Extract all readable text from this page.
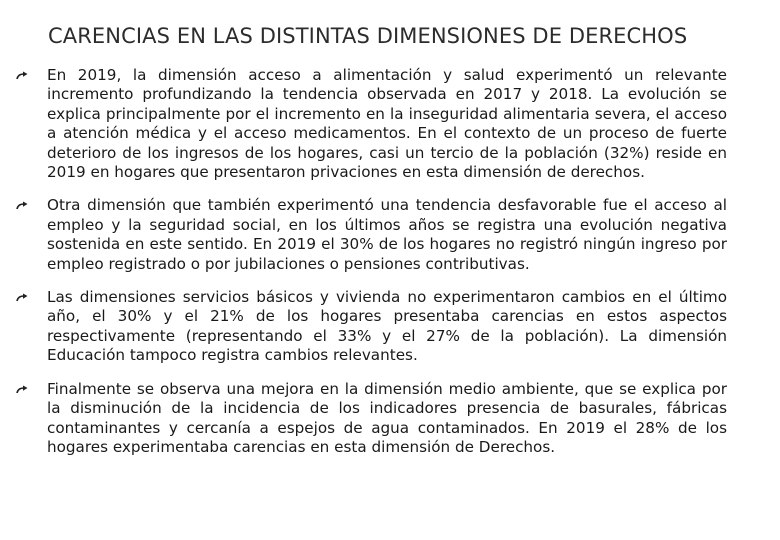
CARENCIAS EN LAS DISTINTAS DIMENSIONES DE DERECHOS
En 2019, la dimensión acceso a alimentación y salud experimentó un relevante incremento profundizando la tendencia observada en 2017 y 2018. La evolución se explica principalmente por el incremento en la inseguridad alimentaria severa, el acceso a atención médica y el acceso medicamentos. En el contexto de un proceso de fuerte deterioro de los ingresos de los hogares, casi un tercio de la población (32%) reside en 2019 en hogares que presentaron privaciones en esta dimensión de derechos.
Otra dimensión que también experimentó una tendencia desfavorable fue el acceso al empleo y la seguridad social, en los últimos años se registra una evolución negativa sostenida en este sentido. En 2019 el 30% de los hogares no registró ningún ingreso por empleo registrado o por jubilaciones o pensiones contributivas.
Las dimensiones servicios básicos y vivienda no experimentaron cambios en el último año, el 30% y el 21% de los hogares presentaba carencias en estos aspectos respectivamente (representando el 33% y el 27% de la población). La dimensión Educación tampoco registra cambios relevantes.
Finalmente se observa una mejora en la dimensión medio ambiente, que se explica por la disminución de la incidencia de los indicadores presencia de basurales, fábricas contaminantes y cercanía a espejos de agua contaminados. En 2019 el 28% de los hogares experimentaba carencias en esta dimensión de Derechos.
